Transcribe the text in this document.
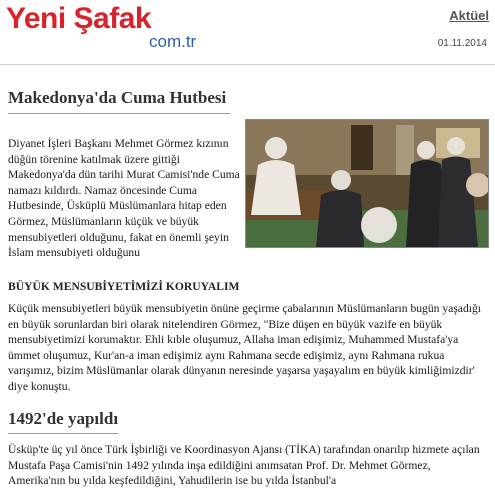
Yeni Şafak
com.tr
Aktüel
01.11.2014
Makedonya'da Cuma Hutbesi

Diyanet İşleri Başkanı Mehmet Görmez kızının düğün törenine katılmak üzere gittiği Makedonya'da dün tarihi Murat Camisi'nde Cuma namazı kıldırdı. Namaz öncesinde Cuma Hutbesinde, Üsküplü Müslümanlara hitap eden Görmez, Müslümanların küçük ve büyük mensubiyetleri olduğunu, fakat en önemli şeyin İslam mensubiyeti olduğunu

BÜYÜK MENSUBİYETİMİZİ KORUYALIM

Küçük mensubiyetleri büyük mensubiyetin önüne geçirme çabalarının Müslümanların bugün yaşadığı en büyük sorunlardan biri olarak nitelendiren Görmez, "Bize düşen en büyük vazife en büyük mensubiyetimizi korumaktır. Ehli kıble oluşumuz, Allaha iman edişimiz, Muhammed Mustafa'ya ümmet oluşumuz, Kur'an-a iman edişimiz aynı Rahmana secde edişimiz, aynı Rahmana rukua varışımız, bizim Müslümanlar olarak dünyanın neresinde yaşarsa yaşayalım en büyük kimliğimizdir' diye konuştu.

1492'de yapıldı

Üsküp'te üç yıl önce Türk İşbirliği ve Koordinasyon Ajansı (TİKA) tarafından onarılıp hizmete açılan Mustafa Paşa Camisi'nin 1492 yılında inşa edildiğini anımsatan Prof. Dr. Mehmet Görmez, Amerika'nın bu yılda keşfedildiğini, Yahudilerin ise bu yılda İstanbul'a
